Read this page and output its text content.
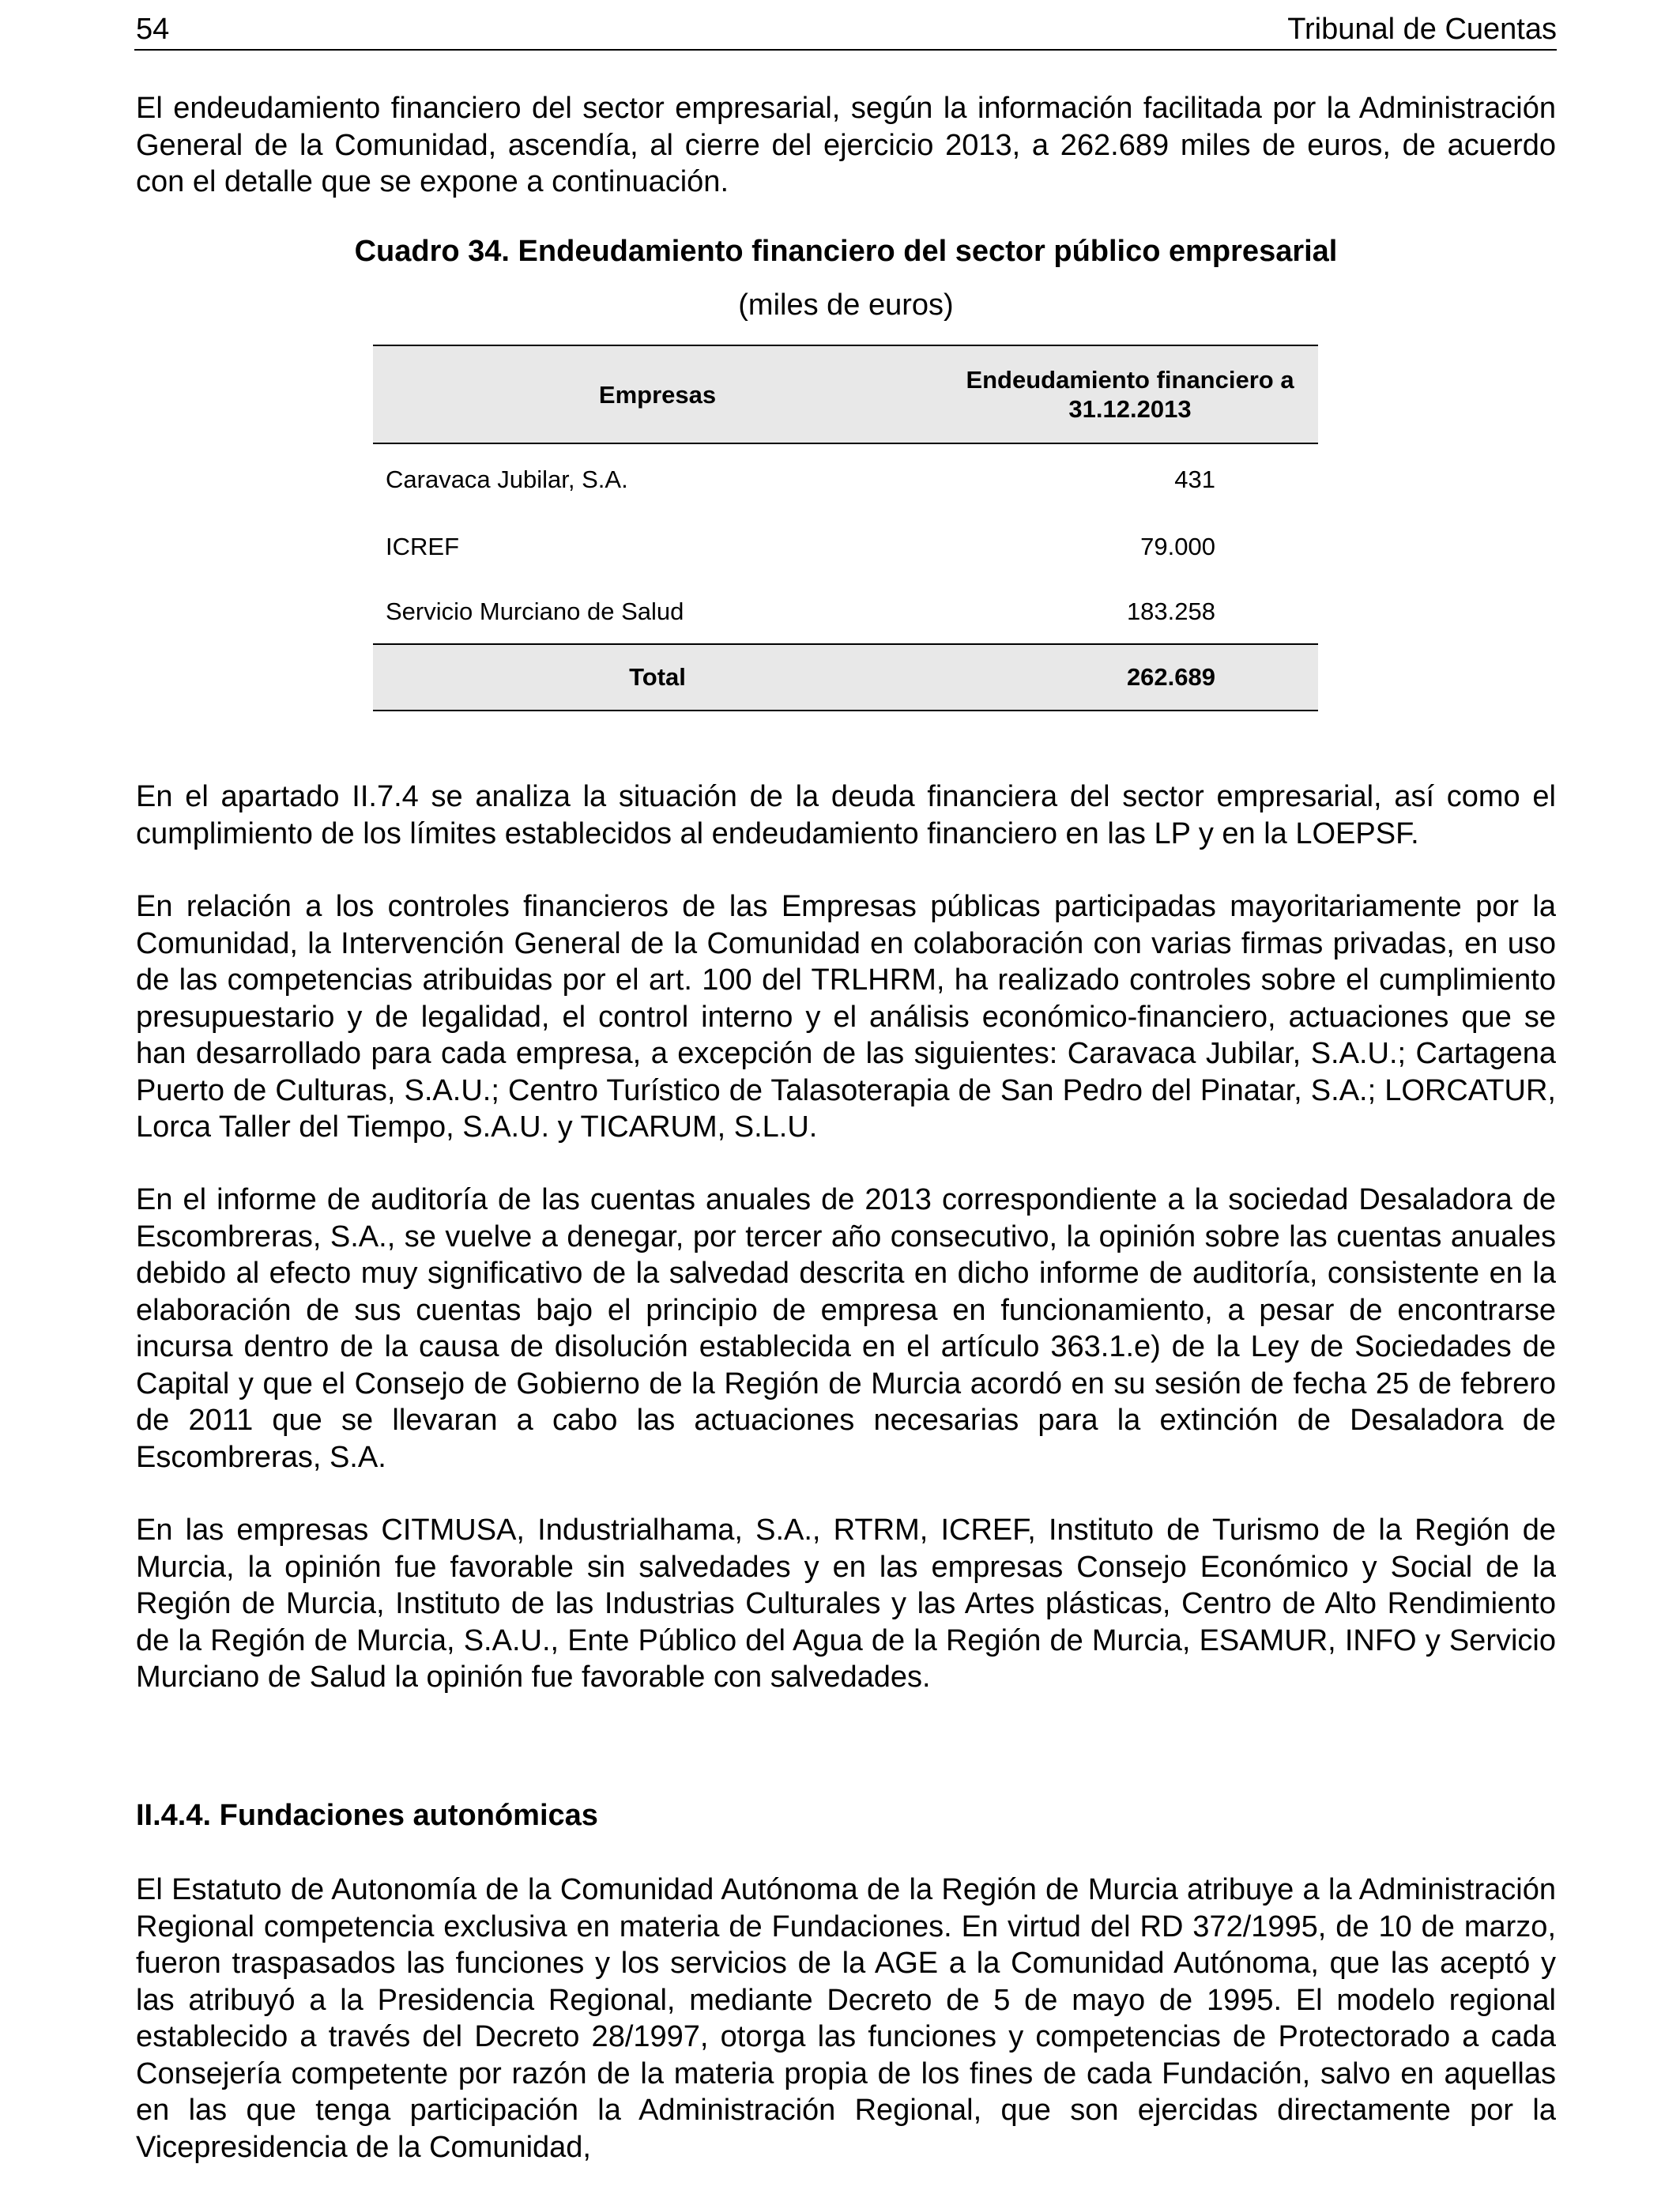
54	Tribunal de Cuentas

El endeudamiento financiero del sector empresarial, según la información facilitada por la Administración General de la Comunidad, ascendía, al cierre del ejercicio 2013, a 262.689 miles de euros, de acuerdo con el detalle que se expone a continuación.

Cuadro 34. Endeudamiento financiero del sector público empresarial

(miles de euros)

Empresas	Endeudamiento financiero a 31.12.2013
Caravaca Jubilar, S.A.	431
ICREF	79.000
Servicio Murciano de Salud	183.258
Total	262.689

En el apartado II.7.4 se analiza la situación de la deuda financiera del sector empresarial, así como el cumplimiento de los límites establecidos al endeudamiento financiero en las LP y en la LOEPSF.

En relación a los controles financieros de las Empresas públicas participadas mayoritariamente por la Comunidad, la Intervención General de la Comunidad en colaboración con varias firmas privadas, en uso de las competencias atribuidas por el art. 100 del TRLHRM, ha realizado controles sobre el cumplimiento presupuestario y de legalidad, el control interno y el análisis económico-financiero, actuaciones que se han desarrollado para cada empresa, a excepción de las siguientes: Caravaca Jubilar, S.A.U.; Cartagena Puerto de Culturas, S.A.U.; Centro Turístico de Talasoterapia de San Pedro del Pinatar, S.A.; LORCATUR, Lorca Taller del Tiempo, S.A.U. y TICARUM, S.L.U.

En el informe de auditoría de las cuentas anuales de 2013 correspondiente a la sociedad Desaladora de Escombreras, S.A., se vuelve a denegar, por tercer año consecutivo, la opinión sobre las cuentas anuales debido al efecto muy significativo de la salvedad descrita en dicho informe de auditoría, consistente en la elaboración de sus cuentas bajo el principio de empresa en funcionamiento, a pesar de encontrarse incursa dentro de la causa de disolución establecida en el artículo 363.1.e) de la Ley de Sociedades de Capital y que el Consejo de Gobierno de la Región de Murcia acordó en su sesión de fecha 25 de febrero de 2011 que se llevaran a cabo las actuaciones necesarias para la extinción de Desaladora de Escombreras, S.A.

En las empresas CITMUSA, Industrialhama, S.A., RTRM, ICREF, Instituto de Turismo de la Región de Murcia, la opinión fue favorable sin salvedades y en las empresas Consejo Económico y Social de la Región de Murcia, Instituto de las Industrias Culturales y las Artes plásticas, Centro de Alto Rendimiento de la Región de Murcia, S.A.U., Ente Público del Agua de la Región de Murcia, ESAMUR, INFO y Servicio Murciano de Salud la opinión fue favorable con salvedades.

II.4.4. Fundaciones autonómicas

El Estatuto de Autonomía de la Comunidad Autónoma de la Región de Murcia atribuye a la Administración Regional competencia exclusiva en materia de Fundaciones. En virtud del RD 372/1995, de 10 de marzo, fueron traspasados las funciones y los servicios de la AGE a la Comunidad Autónoma, que las aceptó y las atribuyó a la Presidencia Regional, mediante Decreto de 5 de mayo de 1995. El modelo regional establecido a través del Decreto 28/1997, otorga las funciones y competencias de Protectorado a cada Consejería competente por razón de la materia propia de los fines de cada Fundación, salvo en aquellas en las que tenga participación la Administración Regional, que son ejercidas directamente por la Vicepresidencia de la Comunidad,
